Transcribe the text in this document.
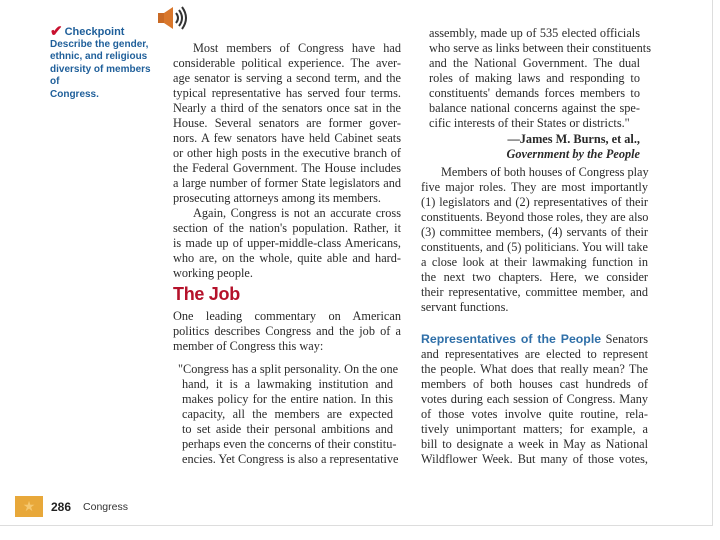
✔ Checkpoint
Describe the gender,
ethnic, and religious
diversity of members of
Congress.
Most members of Congress have had
considerable political experience. The aver-
age senator is serving a second term, and the
typical representative has served four terms.
Nearly a third of the senators once sat in the
House. Several senators are former gover-
nors. A few senators have held Cabinet seats
or other high posts in the executive branch of
the Federal Government. The House includes
a large number of former State legislators and
prosecuting attorneys among its members.
Again, Congress is not an accurate cross
section of the nation's population. Rather, it
is made up of upper-middle-class Americans,
who are, on the whole, quite able and hard-
working people.
The Job
One leading commentary on American
politics describes Congress and the job of a
member of Congress this way:
"Congress has a split personality. On the one
hand, it is a lawmaking institution and
makes policy for the entire nation. In this
capacity, all the members are expected
to set aside their personal ambitions and
perhaps even the concerns of their constitu-
encies. Yet Congress is also a representative
assembly, made up of 535 elected officials
who serve as links between their constituents
and the National Government. The dual
roles of making laws and responding to
constituents' demands forces members to
balance national concerns against the spe-
cific interests of their States or districts."
—James M. Burns, et al.,
Government by the People
Members of both houses of Congress play
five major roles. They are most importantly
(1) legislators and (2) representatives of their
constituents. Beyond those roles, they are also
(3) committee members, (4) servants of their
constituents, and (5) politicians. You will take
a close look at their lawmaking function in
the next two chapters. Here, we consider
their representative, committee member, and
servant functions.
Representatives of the People Senators
and representatives are elected to represent
the people. What does that really mean? The
members of both houses cast hundreds of
votes during each session of Congress. Many
of those votes involve quite routine, rela-
tively unimportant matters; for example, a
bill to designate a week in May as National
Wildflower Week. But many of those votes,
★	286 Congress
